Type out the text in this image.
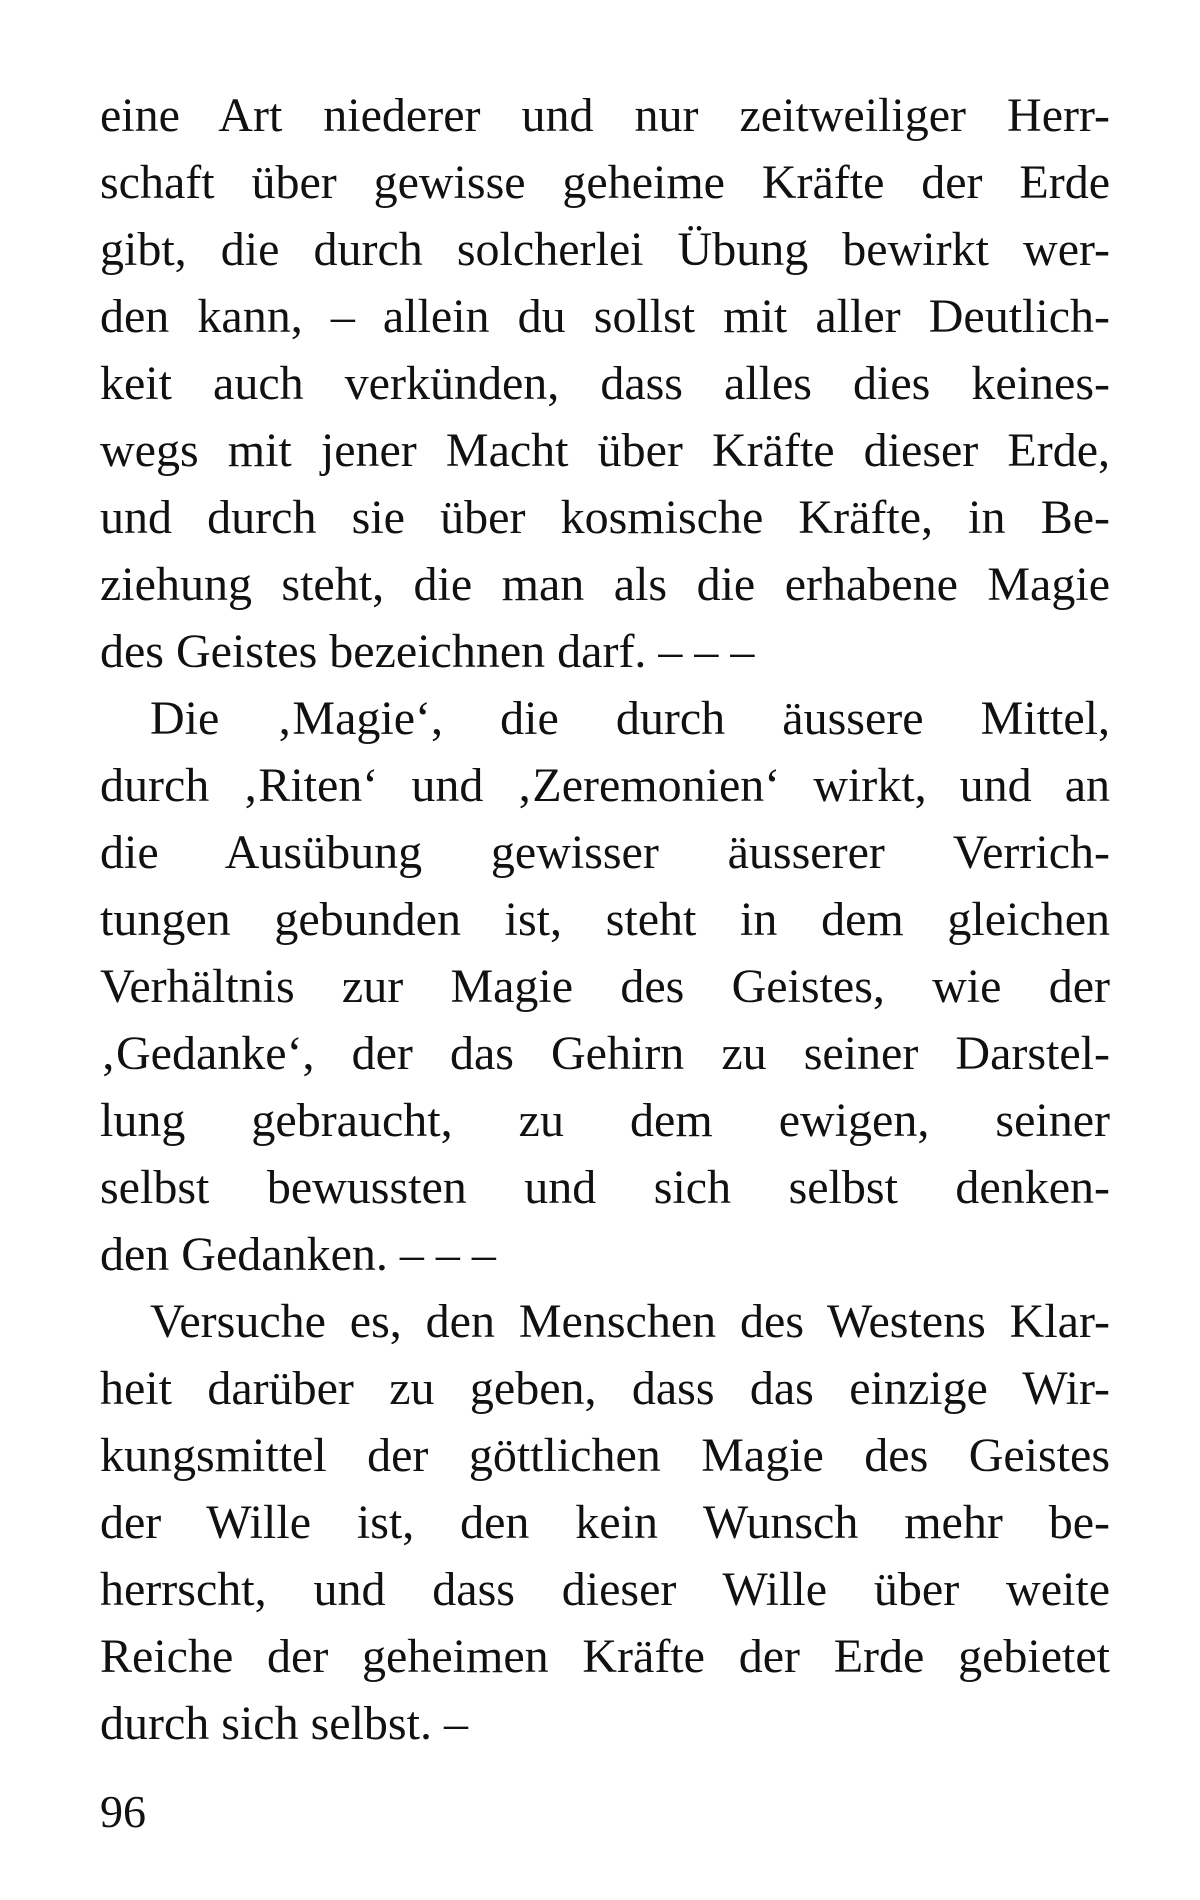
eine Art niederer und nur zeitweiliger Herr-
schaft über gewisse geheime Kräfte der Erde
gibt, die durch solcherlei Übung bewirkt wer-
den kann, – allein du sollst mit aller Deutlich-
keit auch verkünden, dass alles dies keines-
wegs mit jener Macht über Kräfte dieser Erde,
und durch sie über kosmische Kräfte, in Be-
ziehung steht, die man als die erhabene Magie
des Geistes bezeichnen darf. – – –
Die ‚Magie‘, die durch äussere Mittel,
durch ‚Riten‘ und ‚Zeremonien‘ wirkt, und an
die Ausübung gewisser äusserer Verrich-
tungen gebunden ist, steht in dem gleichen
Verhältnis zur Magie des Geistes, wie der
‚Gedanke‘, der das Gehirn zu seiner Darstel-
lung gebraucht, zu dem ewigen, seiner
selbst bewussten und sich selbst denken-
den Gedanken. – – –
Versuche es, den Menschen des Westens Klar-
heit darüber zu geben, dass das einzige Wir-
kungsmittel der göttlichen Magie des Geistes
der Wille ist, den kein Wunsch mehr be-
herrscht, und dass dieser Wille über weite
Reiche der geheimen Kräfte der Erde gebietet
durch sich selbst. –
96
